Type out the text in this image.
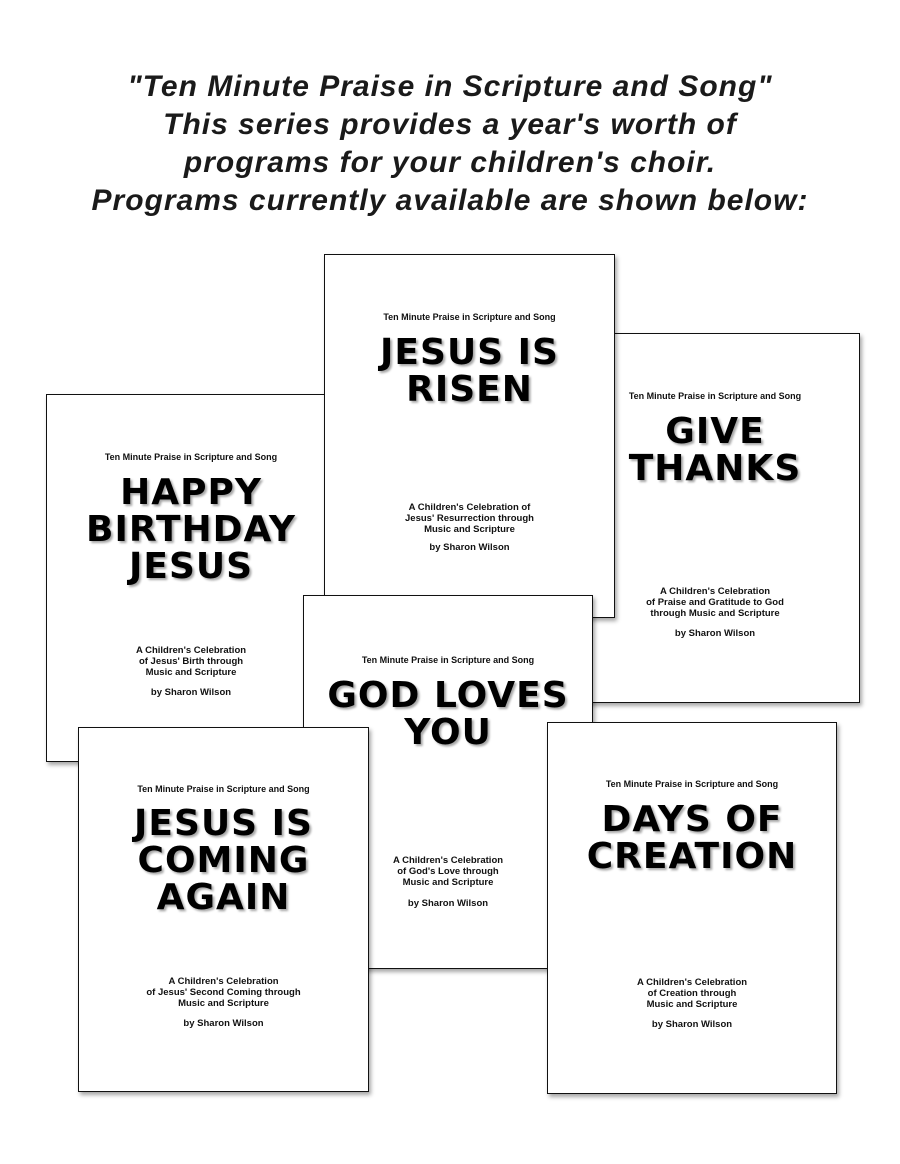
"Ten Minute Praise in Scripture and Song"
This series provides a year's worth of
programs for your children's choir.
Programs currently available are shown below:
Ten Minute Praise in Scripture and Song
HAPPY
BIRTHDAY
JESUS
A Children's Celebration
of Jesus' Birth through
Music and Scripture
by Sharon Wilson
Ten Minute Praise in Scripture and Song
GIVE
THANKS
A Children's Celebration
of Praise and Gratitude to God
through Music and Scripture
by Sharon Wilson
Ten Minute Praise in Scripture and Song
JESUS IS
RISEN
A Children's Celebration of
Jesus' Resurrection through
Music and Scripture
by Sharon Wilson
Ten Minute Praise in Scripture and Song
GOD LOVES
YOU
A Children's Celebration
of God's Love through
Music and Scripture
by Sharon Wilson
Ten Minute Praise in Scripture and Song
DAYS OF
CREATION
A Children's Celebration
of Creation through
Music and Scripture
by Sharon Wilson
Ten Minute Praise in Scripture and Song
JESUS IS
COMING
AGAIN
A Children's Celebration
of Jesus' Second Coming through
Music and Scripture
by Sharon Wilson
